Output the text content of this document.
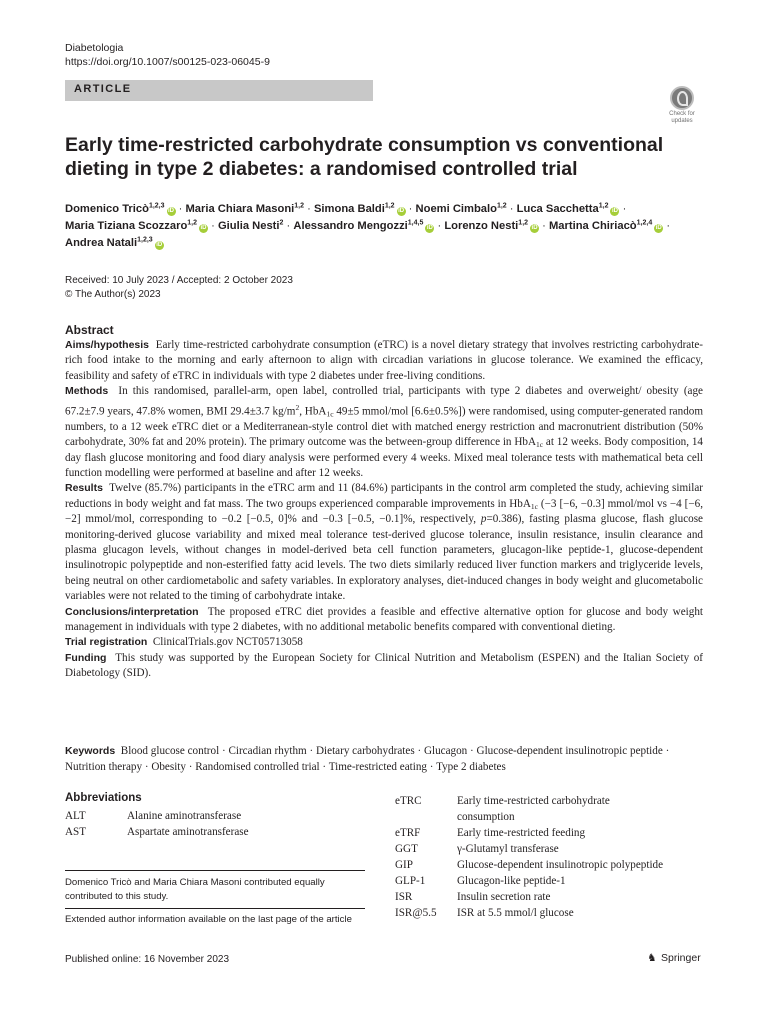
Diabetologia
https://doi.org/10.1007/s00125-023-06045-9
ARTICLE
Check for
updates
Early time-restricted carbohydrate consumption vs conventional
dieting in type 2 diabetes: a randomised controlled trial
Domenico Tricò$^{1,2,3}$iD · Maria Chiara Masoni$^{1,2}$ · Simona Baldi$^{1,2}$iD · Noemi Cimbalo$^{1,2}$ · Luca Sacchetta$^{1,2}$iD ·
Maria Tiziana Scozzaro$^{1,2}$iD · Giulia Nesti$^2$ · Alessandro Mengozzi$^{1,4,5}$iD · Lorenzo Nesti$^{1,2}$iD · Martina Chiriacò$^{1,2,4}$iD ·
Andrea Natali$^{1,2,3}$iD
Received: 10 July 2023 / Accepted: 2 October 2023
© The Author(s) 2023
Abstract

Aims/hypothesis Early time-restricted carbohydrate consumption (eTRC) is a novel dietary strategy that involves restricting carbohydrate-rich food intake to the morning and early afternoon to align with circadian variations in glucose tolerance. We examined the efficacy, feasibility and safety of eTRC in individuals with type 2 diabetes under free-living conditions.

Methods In this randomised, parallel-arm, open label, controlled trial, participants with type 2 diabetes and overweight/ obesity (age 67.2±7.9 years, 47.8% women, BMI 29.4±3.7 $kg/m^2$, HbA$_{1c}$ 49±5 mmol/mol [6.6±0.5%]) were randomised, using computer-generated random numbers, to a 12 week eTRC diet or a Mediterranean-style control diet with matched energy restriction and macronutrient distribution (50% carbohydrate, 30% fat and 20% protein). The primary outcome was the between-group difference in HbA$_{1c}$ at 12 weeks. Body composition, 14 day flash glucose monitoring and food diary analysis were performed every 4 weeks. Mixed meal tolerance tests with mathematical beta cell function modelling were performed at baseline and after 12 weeks.

Results Twelve (85.7%) participants in the eTRC arm and 11 (84.6%) participants in the control arm completed the study, achieving similar reductions in body weight and fat mass. The two groups experienced comparable improvements in HbA$_{1c}$ (−3 [−6, −0.3] mmol/mol vs −4 [−6, −2] mmol/mol, corresponding to −0.2 [−0.5, 0]% and −0.3 [−0.5, −0.1]%, respectively, p=0.386), fasting plasma glucose, flash glucose monitoring-derived glucose variability and mixed meal tolerance test-derived glucose tolerance, insulin resistance, insulin clearance and plasma glucagon levels, without changes in model-derived beta cell function parameters, glucagon-like peptide-1, glucose-dependent insulinotropic polypeptide and non-esterified fatty acid levels. The two diets similarly reduced liver function markers and triglyceride levels, being neutral on other cardiometabolic and safety variables. In exploratory analyses, diet-induced changes in body weight and glucometabolic variables were not related to the timing of carbohydrate intake.

Conclusions/interpretation The proposed eTRC diet provides a feasible and effective alternative option for glucose and body weight management in individuals with type 2 diabetes, with no additional metabolic benefits compared with conventional dieting.

Trial registration ClinicalTrials.gov NCT05713058

Funding This study was supported by the European Society for Clinical Nutrition and Metabolism (ESPEN) and the Italian Society of Diabetology (SID).

Keywords Blood glucose control · Circadian rhythm · Dietary carbohydrates · Glucagon · Glucose-dependent insulinotropic peptide · Nutrition therapy · Obesity · Randomised controlled trial · Time-restricted eating · Type 2 diabetes
Abbreviations
ALT	Alanine aminotransferase
AST	Aspartate aminotransferase
eTRC	Early time-restricted carbohydrate consumption
eTRF	Early time-restricted feeding
GGT	γ-Glutamyl transferase
GIP	Glucose-dependent insulinotropic polypeptide
GLP-1	Glucagon-like peptide-1
ISR	Insulin secretion rate
ISR@5.5 ISR at 5.5 mmol/l glucose
Domenico Tricò and Maria Chiara Masoni contributed equally contributed to this study.
Extended author information available on the last page of the article
Published online: 16 November 2023	♞ Springer
